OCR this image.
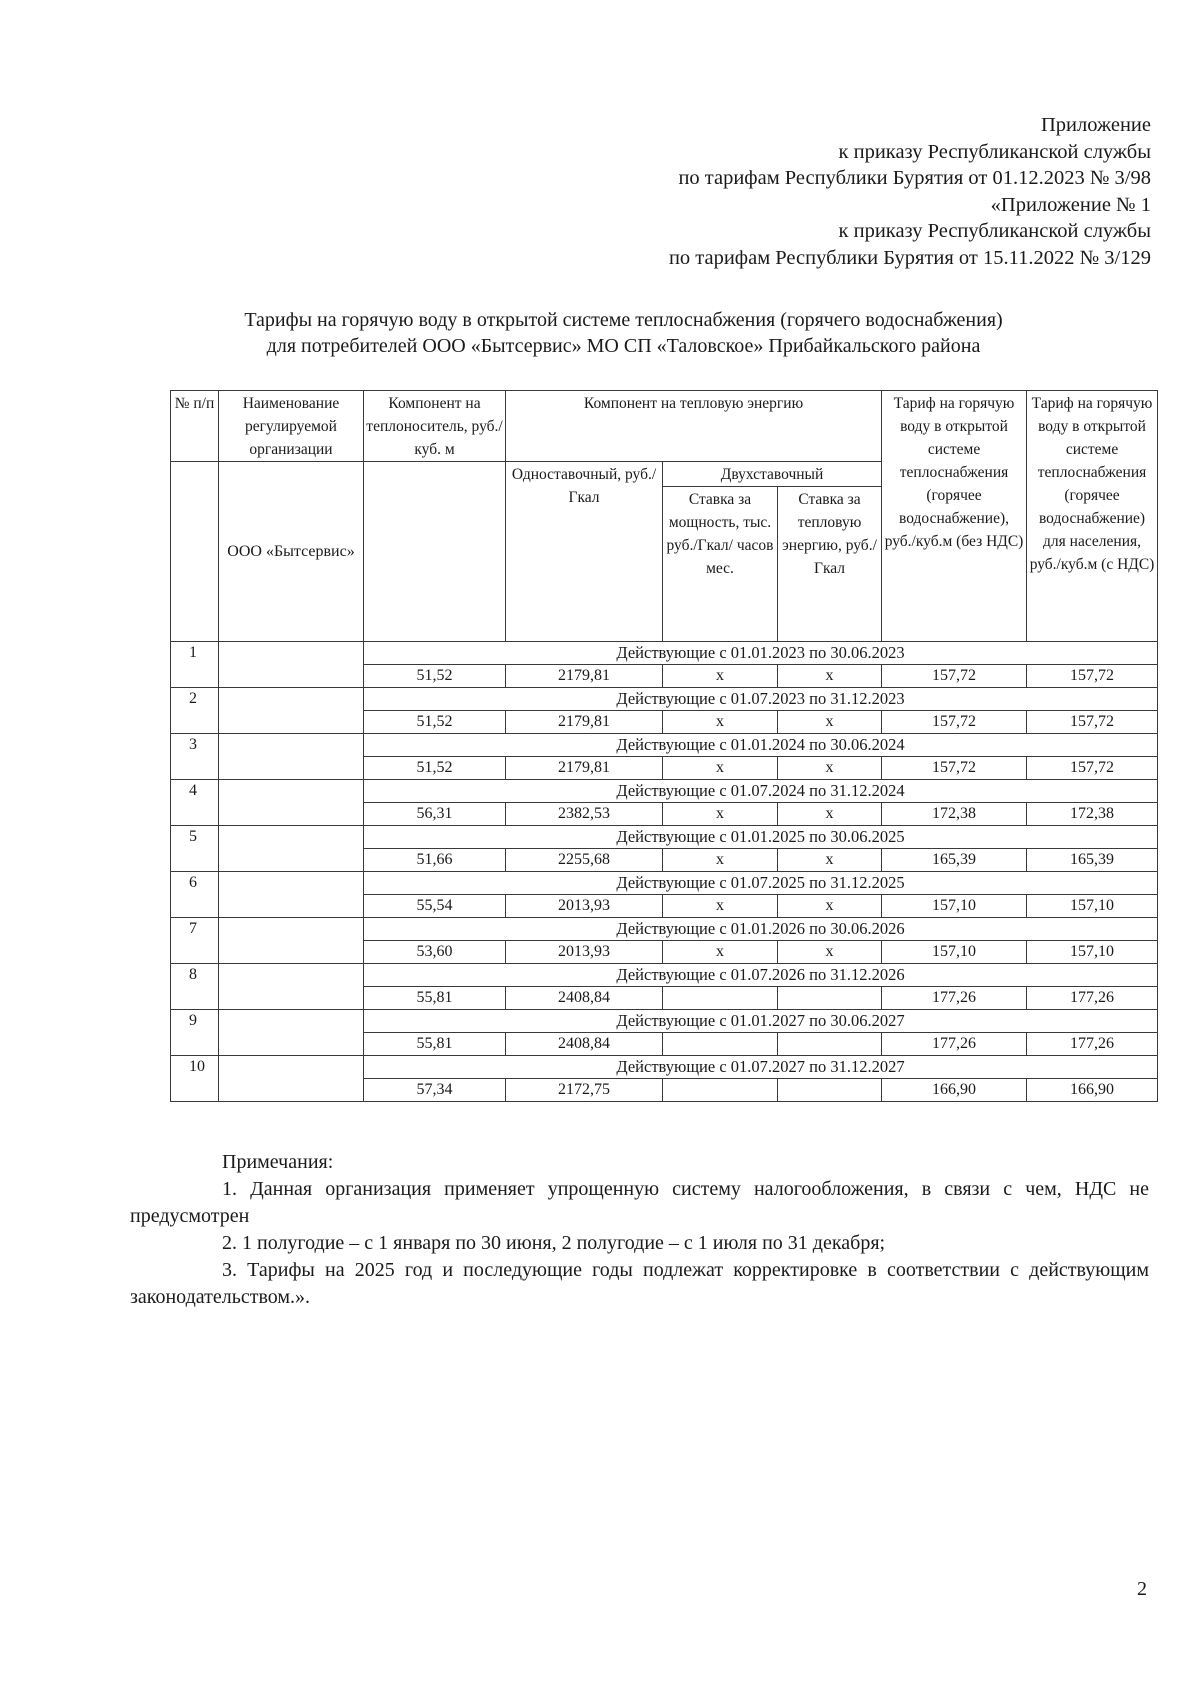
Приложение
к приказу Республиканской службы
по тарифам Республики Бурятия от 01.12.2023 № 3/98
«Приложение № 1
к приказу Республиканской службы
по тарифам Республики Бурятия от 15.11.2022 № 3/129
Тарифы на горячую воду в открытой системе теплоснабжения (горячего водоснабжения)
для потребителей ООО «Бытсервис» МО СП «Таловское» Прибайкальского района
№ п/п	Наименование регулируемой организации	Компонент на теплоноситель, руб./куб. м	Компонент на тепловую энергию			Тариф на горячую воду в открытой системе теплоснабжения (горячее водоснабжение), руб./куб.м (без НДС)	Тариф на горячую воду в открытой системе теплоснабжения (горячее водоснабжение) для населения, руб./куб.м (с НДС)
	ООО «Бытсервис»		Одноставочный, руб./Гкал	Двухставочный			
				Ставка за мощность, тыс. руб./Гкал/ часов мес.	Ставка за тепловую энергию, руб./Гкал		
1		Действующие с 01.01.2023 по 30.06.2023					
		51,52	2179,81	x	x	157,72	157,72
2		Действующие с 01.07.2023 по 31.12.2023					
		51,52	2179,81	x	x	157,72	157,72
3		Действующие с 01.01.2024 по 30.06.2024					
		51,52	2179,81	x	x	157,72	157,72
4		Действующие с 01.07.2024 по 31.12.2024					
		56,31	2382,53	x	x	172,38	172,38
5		Действующие с 01.01.2025 по 30.06.2025					
		51,66	2255,68	x	x	165,39	165,39
6		Действующие с 01.07.2025 по 31.12.2025					
		55,54	2013,93	x	x	157,10	157,10
7		Действующие с 01.01.2026 по 30.06.2026					
		53,60	2013,93	x	x	157,10	157,10
8		Действующие с 01.07.2026 по 31.12.2026					
		55,81	2408,84			177,26	177,26
9		Действующие с 01.01.2027 по 30.06.2027					
		55,81	2408,84			177,26	177,26
10		Действующие с 01.07.2027 по 31.12.2027					
		57,34	2172,75			166,90	166,90
Примечания:

1. Данная организация применяет упрощенную систему налогообложения, в связи с чем, НДС не предусмотрен

2. 1 полугодие – с 1 января по 30 июня, 2 полугодие – с 1 июля по 31 декабря;

3. Тарифы на 2025 год и последующие годы подлежат корректировке в соответствии с действующим законодательством.».

2
